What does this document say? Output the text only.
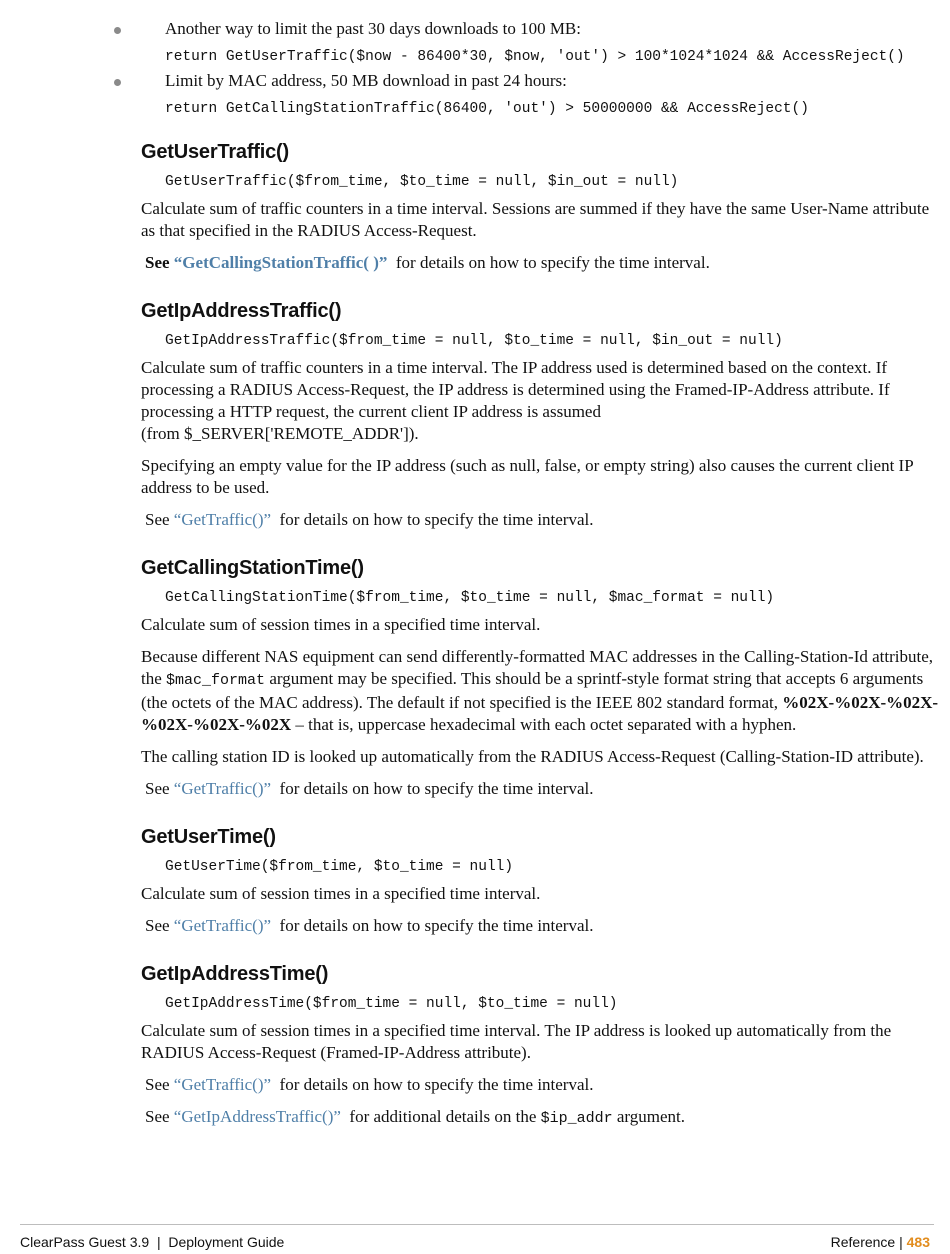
Another way to limit the past 30 days downloads to 100 MB:
return GetUserTraffic($now - 86400*30, $now, 'out') > 100*1024*1024 && AccessReject()
Limit by MAC address, 50 MB download in past 24 hours:
return GetCallingStationTraffic(86400, 'out') > 50000000 && AccessReject()
GetUserTraffic()
GetUserTraffic($from_time, $to_time = null, $in_out = null)

Calculate sum of traffic counters in a time interval. Sessions are summed if they have the same User-Name attribute as that specified in the RADIUS Access-Request.

See “GetCallingStationTraffic( )” for details on how to specify the time interval.

GetIpAddressTraffic()
GetIpAddressTraffic($from_time = null, $to_time = null, $in_out = null)

Calculate sum of traffic counters in a time interval. The IP address used is determined based on the context. If processing a RADIUS Access-Request, the IP address is determined using the Framed-IP-Address attribute. If processing a HTTP request, the current client IP address is assumed
(from $_SERVER['REMOTE_ADDR']).

Specifying an empty value for the IP address (such as null, false, or empty string) also causes the current client IP address to be used.

See “GetTraffic()” for details on how to specify the time interval.

GetCallingStationTime()
GetCallingStationTime($from_time, $to_time = null, $mac_format = null)

Calculate sum of session times in a specified time interval.

Because different NAS equipment can send differently-formatted MAC addresses in the Calling-Station-Id attribute, the $mac_format argument may be specified. This should be a sprintf-style format string that accepts 6 arguments (the octets of the MAC address). The default if not specified is the IEEE 802 standard format, %02X-%02X-%02X-%02X-%02X-%02X – that is, uppercase hexadecimal with each octet separated with a hyphen.

The calling station ID is looked up automatically from the RADIUS Access-Request (Calling-Station-ID attribute).

See “GetTraffic()” for details on how to specify the time interval.

GetUserTime()
GetUserTime($from_time, $to_time = null)

Calculate sum of session times in a specified time interval.

See “GetTraffic()” for details on how to specify the time interval.

GetIpAddressTime()
GetIpAddressTime($from_time = null, $to_time = null)

Calculate sum of session times in a specified time interval. The IP address is looked up automatically from the RADIUS Access-Request (Framed-IP-Address attribute).

See “GetTraffic()” for details on how to specify the time interval.

See “GetIpAddressTraffic()” for additional details on the $ip_addr argument.

ClearPass Guest 3.9  |  Deployment Guide	Reference | 483
